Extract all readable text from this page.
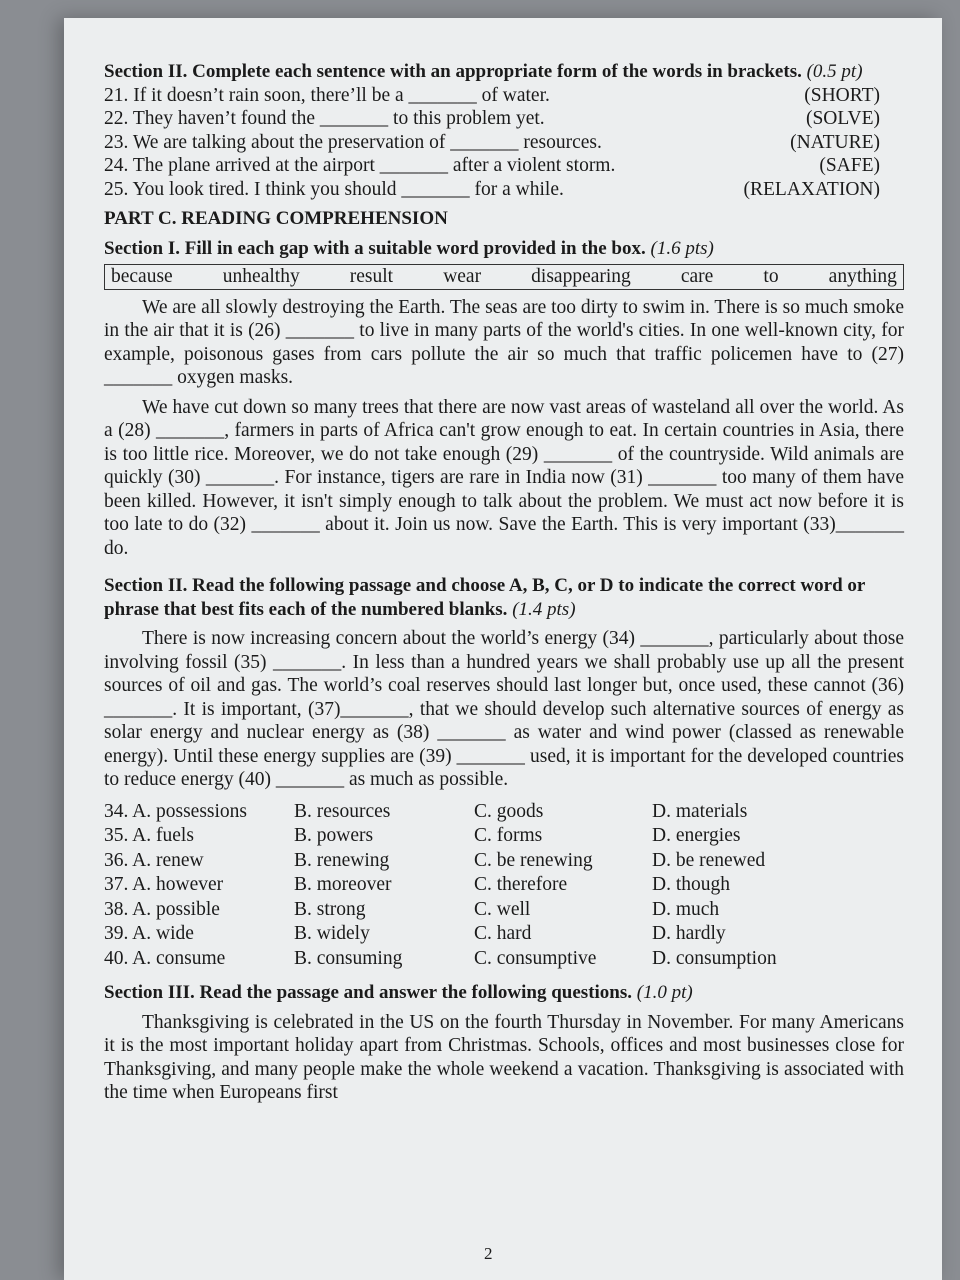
Section II. Complete each sentence with an appropriate form of the words in brackets. (0.5 pt)
21. If it doesn’t rain soon, there’ll be a _______ of water.	(SHORT)
22. They haven’t found the _______ to this problem yet.	(SOLVE)
23. We are talking about the preservation of _______ resources.	(NATURE)
24. The plane arrived at the airport _______ after a violent storm.	(SAFE)
25. You look tired. I think you should _______ for a while.	(RELAXATION)
PART C. READING COMPREHENSION
Section I. Fill in each gap with a suitable word provided in the box. (1.6 pts)
because	unhealthy	result	wear	disappearing	care	to	anything

We are all slowly destroying the Earth. The seas are too dirty to swim in. There is so much smoke in the air that it is (26) _______ to live in many parts of the world's cities. In one well-known city, for example, poisonous gases from cars pollute the air so much that traffic policemen have to (27) _______ oxygen masks.

We have cut down so many trees that there are now vast areas of wasteland all over the world. As a (28) _______, farmers in parts of Africa can't grow enough to eat. In certain countries in Asia, there is too little rice. Moreover, we do not take enough (29) _______ of the countryside. Wild animals are quickly (30) _______. For instance, tigers are rare in India now (31) _______ too many of them have been killed. However, it isn't simply enough to talk about the problem. We must act now before it is too late to do (32) _______ about it. Join us now. Save the Earth. This is very important (33)_______ do.

Section II. Read the following passage and choose A, B, C, or D to indicate the correct word or phrase that best fits each of the numbered blanks. (1.4 pts)

There is now increasing concern about the world’s energy (34) _______, particularly about those involving fossil (35) _______. In less than a hundred years we shall probably use up all the present sources of oil and gas. The world’s coal reserves should last longer but, once used, these cannot (36) _______. It is important, (37)_______, that we should develop such alternative sources of energy as solar energy and nuclear energy as (38) _______ as water and wind power (classed as renewable energy). Until these energy supplies are (39) _______ used, it is important for the developed countries to reduce energy (40) _______ as much as possible.

34. A. possessions	B. resources	C. goods	D. materials
35. A. fuels	B. powers	C. forms	D. energies
36. A. renew	B. renewing	C. be renewing	D. be renewed
37. A. however	B. moreover	C. therefore	D. though
38. A. possible	B. strong	C. well	D. much
39. A. wide	B. widely	C. hard	D. hardly
40. A. consume	B. consuming	C. consumptive	D. consumption
Section III. Read the passage and answer the following questions. (1.0 pt)

Thanksgiving is celebrated in the US on the fourth Thursday in November. For many Americans it is the most important holiday apart from Christmas. Schools, offices and most businesses close for Thanksgiving, and many people make the whole weekend a vacation. Thanksgiving is associated with the time when Europeans first

2
